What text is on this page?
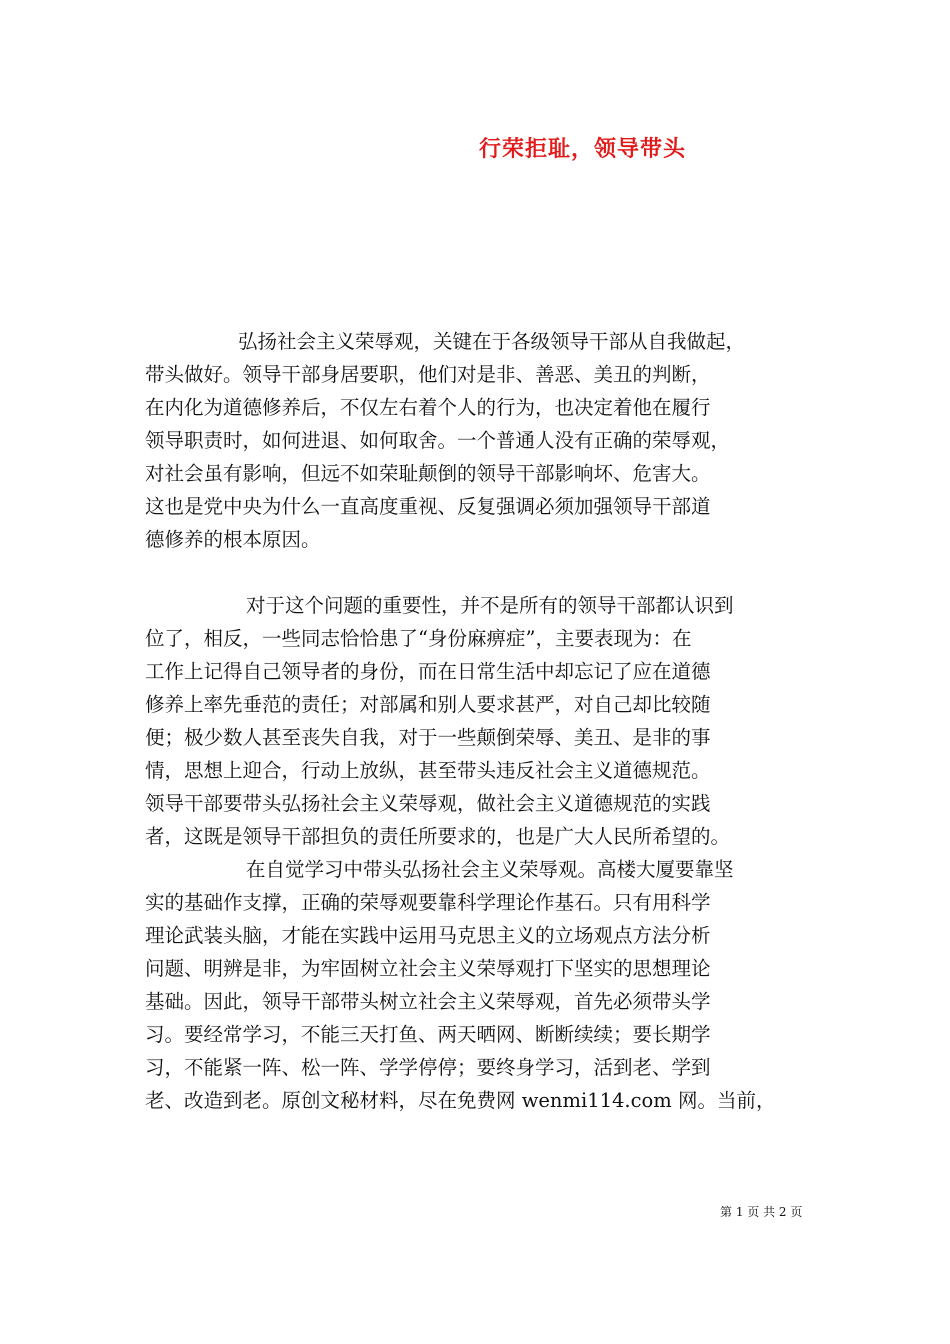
行荣拒耻，领导带头
弘扬社会主义荣辱观，关键在于各级领导干部从自我做起，
带头做好。领导干部身居要职，他们对是非、善恶、美丑的判断，
在内化为道德修养后，不仅左右着个人的行为，也决定着他在履行
领导职责时，如何进退、如何取舍。一个普通人没有正确的荣辱观，
对社会虽有影响，但远不如荣耻颠倒的领导干部影响坏、危害大。
这也是党中央为什么一直高度重视、反复强调必须加强领导干部道
德修养的根本原因。
对于这个问题的重要性，并不是所有的领导干部都认识到
位了，相反，一些同志恰恰患了“身份麻痹症”，主要表现为：在
工作上记得自己领导者的身份，而在日常生活中却忘记了应在道德
修养上率先垂范的责任；对部属和别人要求甚严，对自己却比较随
便；极少数人甚至丧失自我，对于一些颠倒荣辱、美丑、是非的事
情，思想上迎合，行动上放纵，甚至带头违反社会主义道德规范。
领导干部要带头弘扬社会主义荣辱观，做社会主义道德规范的实践
者，这既是领导干部担负的责任所要求的，也是广大人民所希望的。
在自觉学习中带头弘扬社会主义荣辱观。高楼大厦要靠坚
实的基础作支撑，正确的荣辱观要靠科学理论作基石。只有用科学
理论武装头脑，才能在实践中运用马克思主义的立场观点方法分析
问题、明辨是非，为牢固树立社会主义荣辱观打下坚实的思想理论
基础。因此，领导干部带头树立社会主义荣辱观，首先必须带头学
习。要经常学习，不能三天打鱼、两天晒网、断断续续；要长期学
习，不能紧一阵、松一阵、学学停停；要终身学习，活到老、学到
老、改造到老。原创文秘材料，尽在免费网 wenmi114.com 网。当前，
第 1 页 共 2 页
